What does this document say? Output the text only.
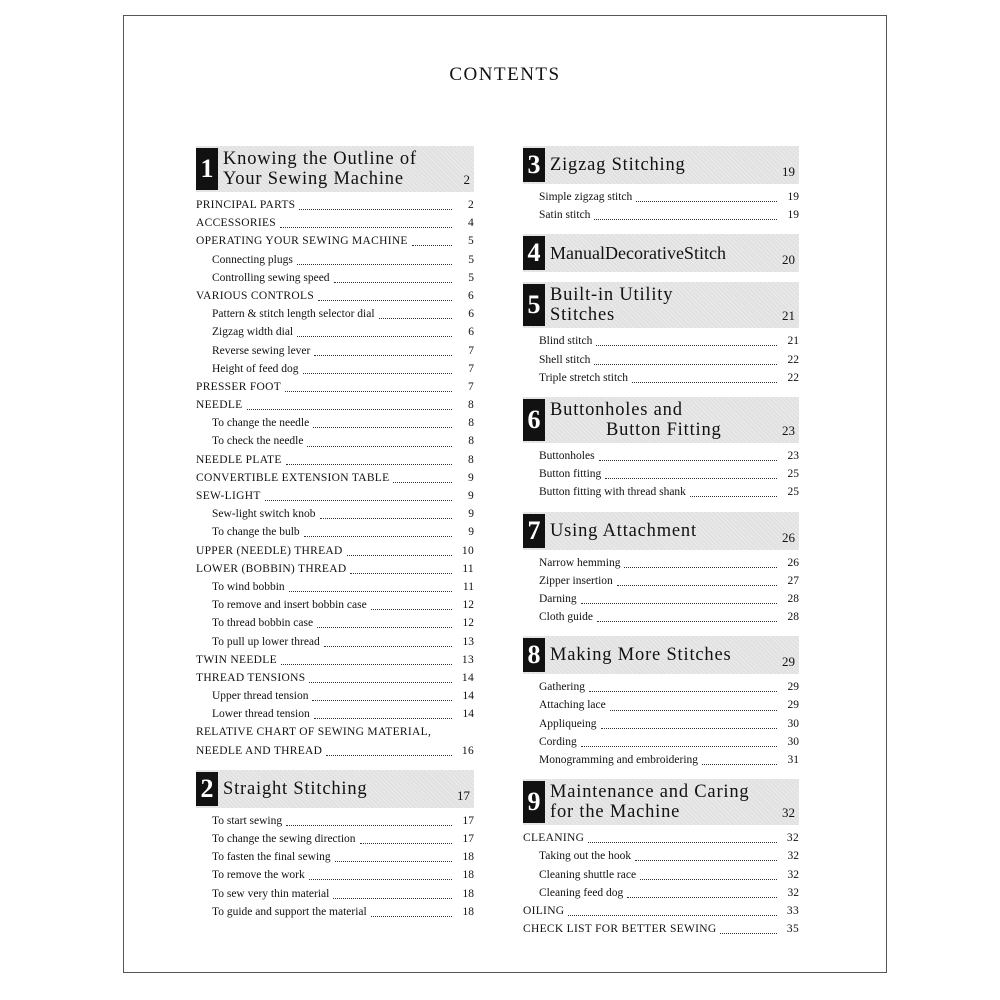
CONTENTS
1 Knowing the Outline of
Your Sewing Machine	2
PRINCIPAL PARTS	2
ACCESSORIES	4
OPERATING YOUR SEWING MACHINE	5
Connecting plugs	5
Controlling sewing speed	5
VARIOUS CONTROLS	6
Pattern & stitch length selector dial	6
Zigzag width dial	6
Reverse sewing lever	7
Height of feed dog	7
PRESSER FOOT	7
NEEDLE	8
To change the needle	8
To check the needle	8
NEEDLE PLATE	8
CONVERTIBLE EXTENSION TABLE	9
SEW-LIGHT	9
Sew-light switch knob	9
To change the bulb	9
UPPER (NEEDLE) THREAD	10
LOWER (BOBBIN) THREAD	11
To wind bobbin	11
To remove and insert bobbin case	12
To thread bobbin case	12
To pull up lower thread	13
TWIN NEEDLE	13
THREAD TENSIONS	14
Upper thread tension	14
Lower thread tension	14
RELATIVE CHART OF SEWING MATERIAL,
NEEDLE AND THREAD	16
2 Straight Stitching	17
To start sewing	17
To change the sewing direction	17
To fasten the final sewing	18
To remove the work	18
To sew very thin material	18
To guide and support the material	18
3 Zigzag Stitching	19
Simple zigzag stitch	19
Satin stitch	19
4 ManualDecorativeStitch	20
5 Built-in Utility
Stitches	21
Blind stitch	21
Shell stitch	22
Triple stretch stitch	22
6 Buttonholes and
Button Fitting	23
Buttonholes	23
Button fitting	25
Button fitting with thread shank	25
7 Using Attachment	26
Narrow hemming	26
Zipper insertion	27
Darning	28
Cloth guide	28
8 Making More Stitches	29
Gathering	29
Attaching lace	29
Appliqueing	30
Cording	30
Monogramming and embroidering	31
9 Maintenance and Caring
for the Machine	32
CLEANING	32
Taking out the hook	32
Cleaning shuttle race	32
Cleaning feed dog	32
OILING	33
CHECK LIST FOR BETTER SEWING	35
